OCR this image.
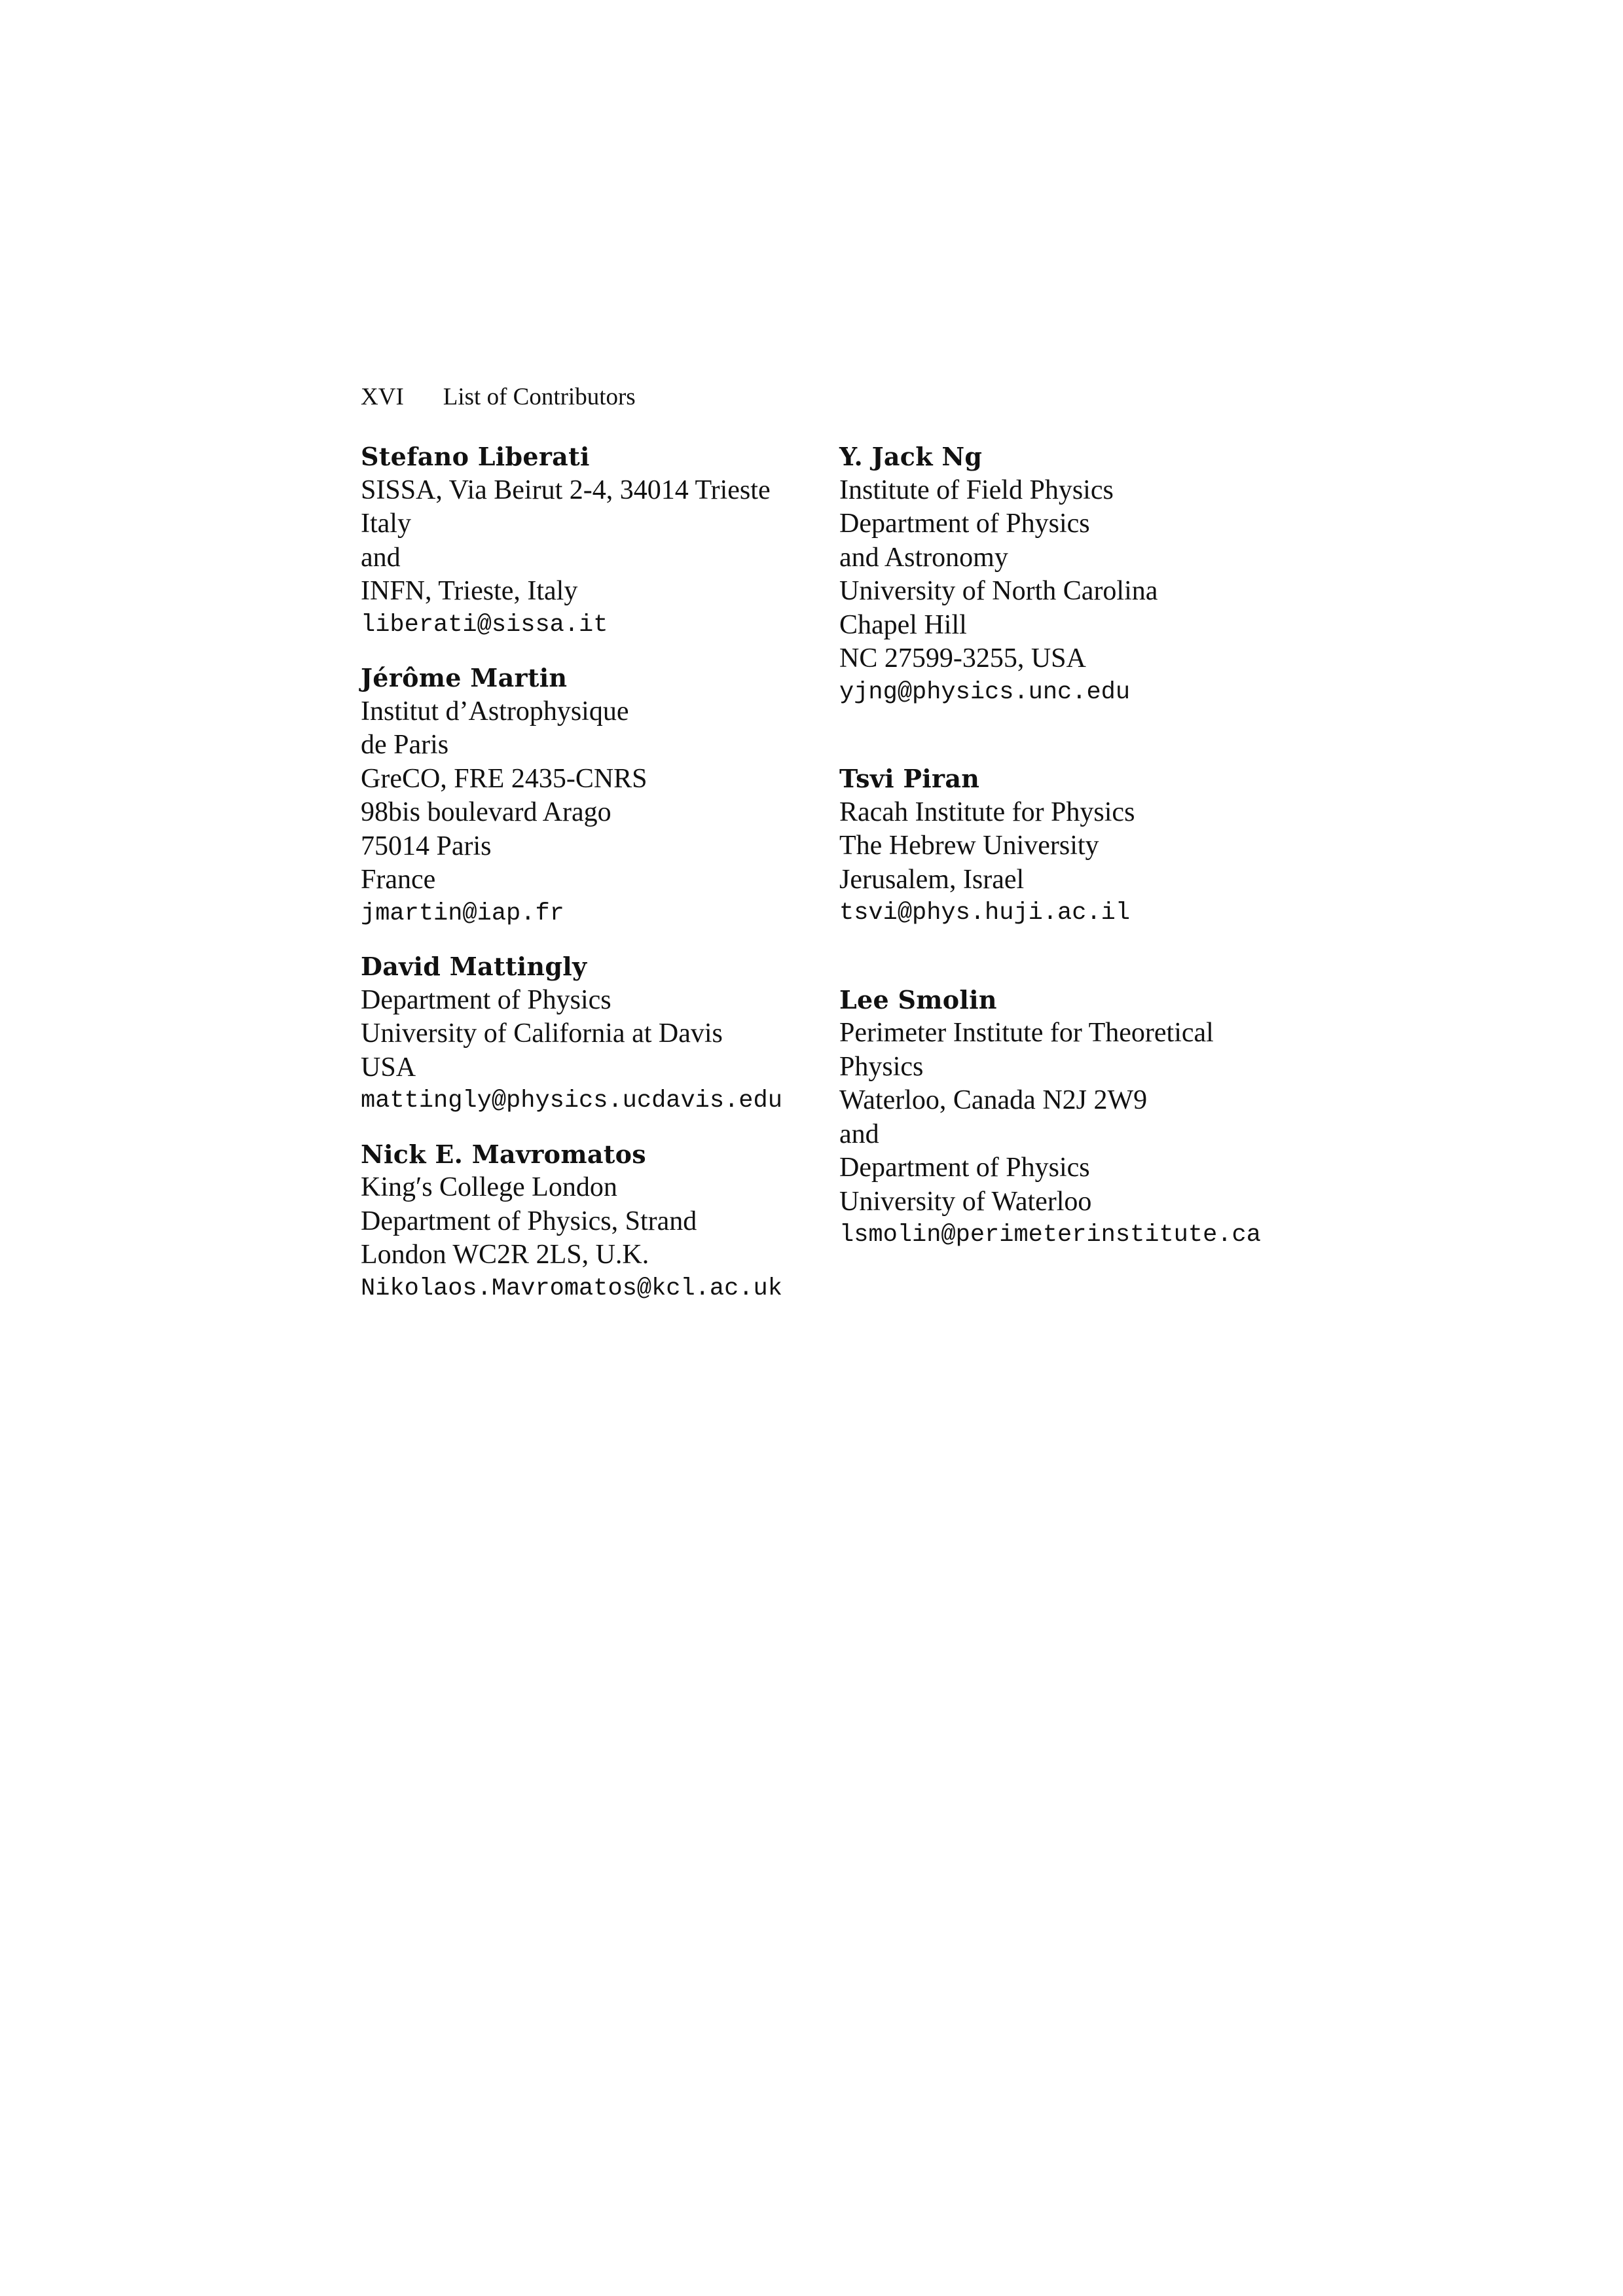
XVI List of Contributors
Stefano Liberati
SISSA, Via Beirut 2-4, 34014 Trieste
Italy
and
INFN, Trieste, Italy
liberati@sissa.it
Jérôme Martin
Institut d’Astrophysique
de Paris
GreCO, FRE 2435-CNRS
98bis boulevard Arago
75014 Paris
France
jmartin@iap.fr
David Mattingly
Department of Physics
University of California at Davis
USA
mattingly@physics.ucdavis.edu
Nick E. Mavromatos
King′s College London
Department of Physics, Strand
London WC2R 2LS, U.K.
Nikolaos.Mavromatos@kcl.ac.uk
Y. Jack Ng
Institute of Field Physics
Department of Physics
and Astronomy
University of North Carolina
Chapel Hill
NC 27599-3255, USA
yjng@physics.unc.edu
Tsvi Piran
Racah Institute for Physics
The Hebrew University
Jerusalem, Israel
tsvi@phys.huji.ac.il
Lee Smolin
Perimeter Institute for Theoretical
Physics
Waterloo, Canada N2J 2W9
and
Department of Physics
University of Waterloo
lsmolin@perimeterinstitute.ca
